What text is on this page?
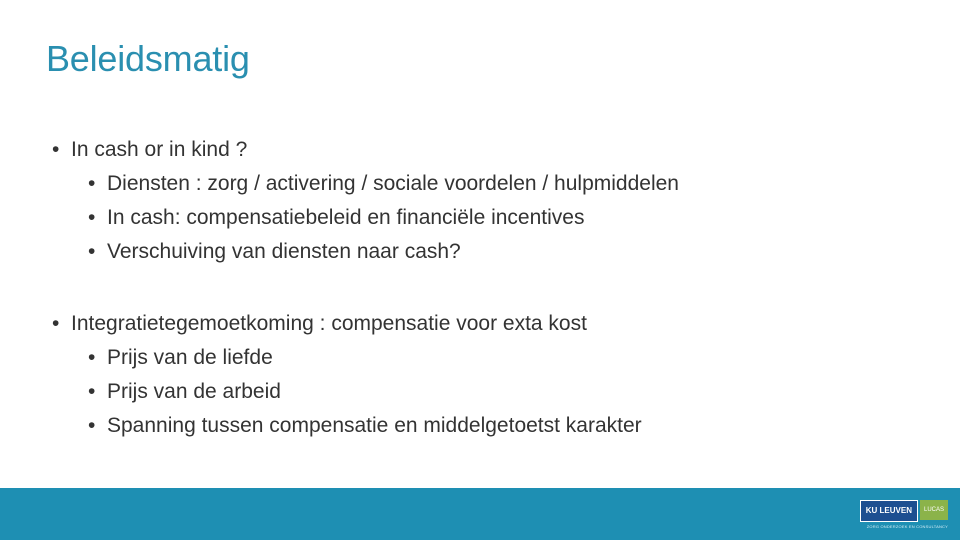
Beleidsmatig
• In cash or in kind ?
• Diensten : zorg / activering / sociale voordelen / hulpmiddelen
• In cash: compensatiebeleid en financiële incentives
• Verschuiving van diensten naar cash?
• Integratietegemoetkoming : compensatie voor exta kost
• Prijs van de liefde
• Prijs van de arbeid
• Spanning tussen compensatie en middelgetoetst karakter
KU LEUVEN	LUCAS
ZORG ONDERZOEK EN CONSULTANCY
